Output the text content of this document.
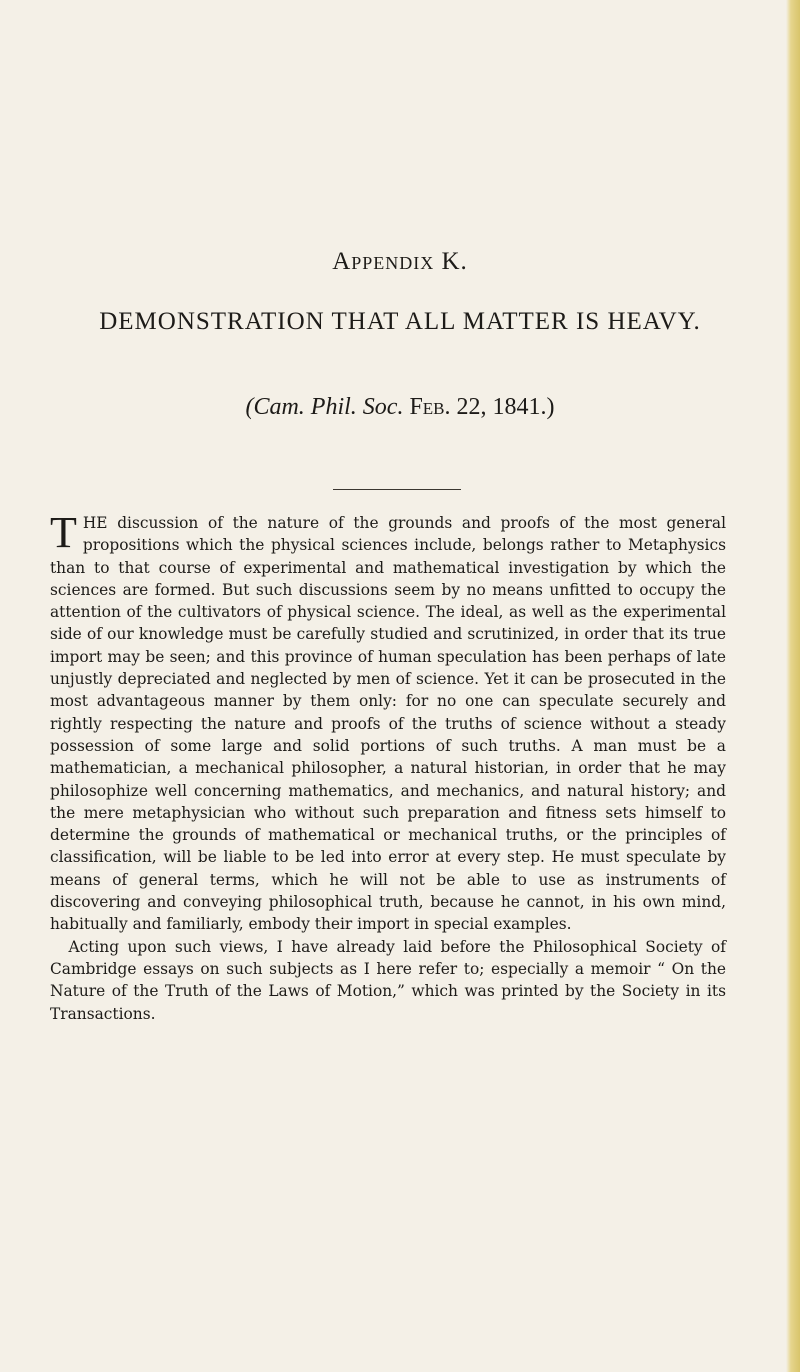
Appendix K.
DEMONSTRATION THAT ALL MATTER IS HEAVY.
(Cam. Phil. Soc. Feb. 22, 1841.)

THE discussion of the nature of the grounds and proofs of the most general propositions which the physical sciences include, belongs rather to Metaphysics than to that course of experimental and mathematical investigation by which the sciences are formed. But such discussions seem by no means unfitted to occupy the attention of the cultivators of physical science. The ideal, as well as the experimental side of our knowledge must be carefully studied and scrutinized, in order that its true import may be seen; and this province of human speculation has been perhaps of late unjustly depreciated and neglected by men of science. Yet it can be prosecuted in the most advantageous manner by them only: for no one can speculate securely and rightly respecting the nature and proofs of the truths of science without a steady possession of some large and solid portions of such truths. A man must be a mathematician, a mechanical philosopher, a natural historian, in order that he may philosophize well concerning mathematics, and mechanics, and natural history; and the mere metaphysician who without such preparation and fitness sets himself to determine the grounds of mathematical or mechanical truths, or the principles of classification, will be liable to be led into error at every step. He must speculate by means of general terms, which he will not be able to use as instruments of discovering and conveying philosophical truth, because he cannot, in his own mind, habitually and familiarly, embody their import in special examples.

Acting upon such views, I have already laid before the Philosophical Society of Cambridge essays on such subjects as I here refer to; especially a memoir “ On the Nature of the Truth of the Laws of Motion,” which was printed by the Society in its Transactions.
